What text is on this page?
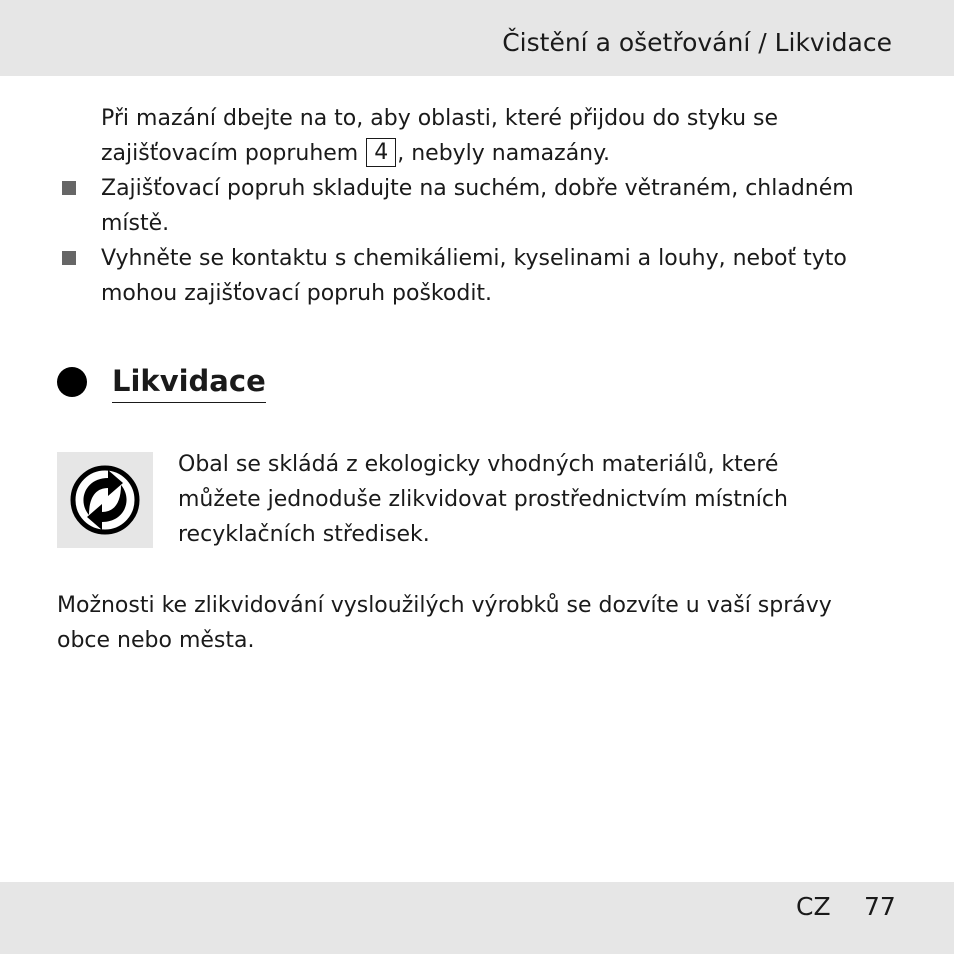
Čistění a ošetřování / Likvidace
Při mazání dbejte na to, aby oblasti, které přijdou do styku se
zajišťovacím popruhem 4 , nebyly namazány.
Zajišťovací popruh skladujte na suchém, dobře větraném, chladném
místě.
Vyhněte se kontaktu s chemikáliemi, kyselinami a louhy, neboť tyto
mohou zajišťovací popruh poškodit.
Likvidace
Obal se skládá z ekologicky vhodných materiálů, které
můžete jednoduše zlikvidovat prostřednictvím místních
recyklačních středisek.
Možnosti ke zlikvidování vysloužilých výrobků se dozvíte u vaší správy
obce nebo města.
CZ 77
